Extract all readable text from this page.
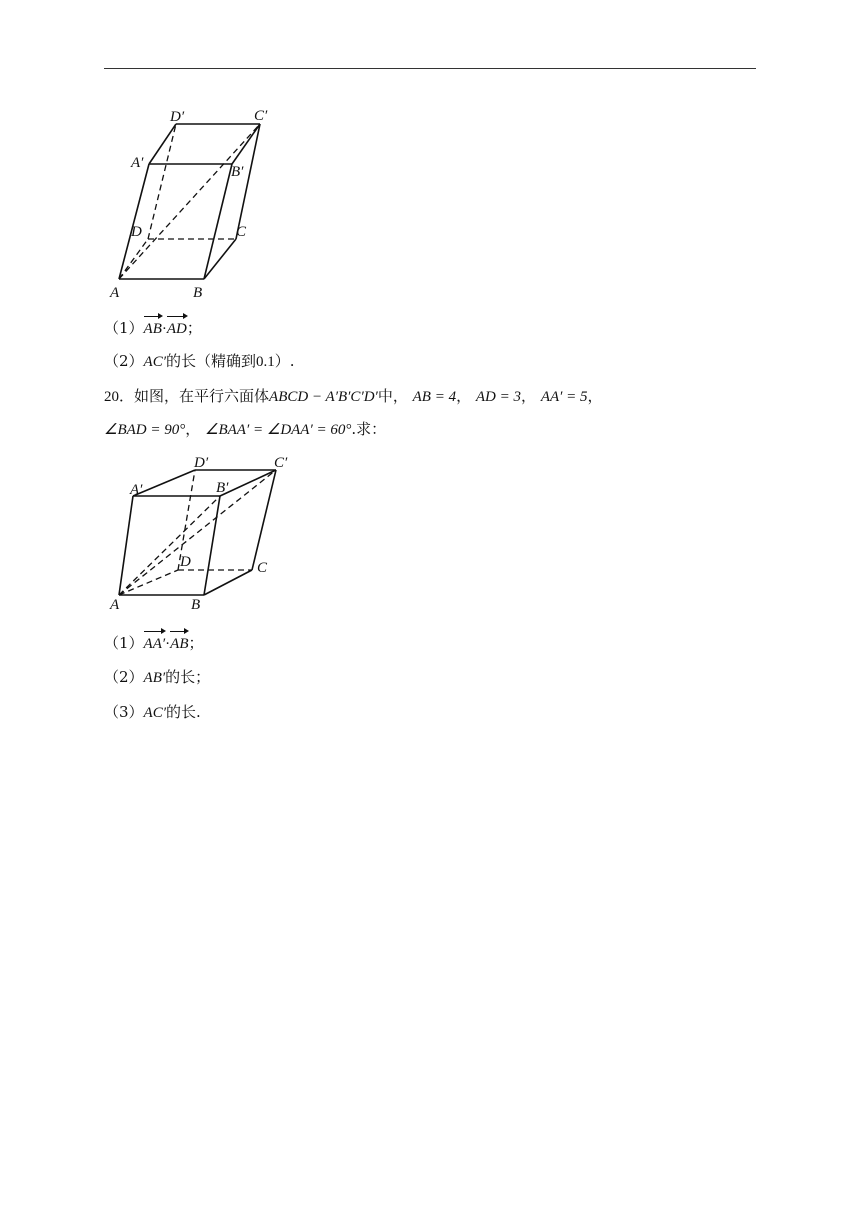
D′	C′
A′
B′
D	C
A	B
（1）AB·AD；
（2）AC′的长（精确到0.1）.
20．如图，在平行六面体ABCD − A′B′C′D′中， AB = 4， AD = 3， AA′ = 5，
∠BAD = 90°， ∠BAA′ = ∠DAA′ = 60°.求：
D′	C′
A′	B′
D	C
A	B
（1）AA′·AB；
（2）AB′的长；
（3）AC′的长.
